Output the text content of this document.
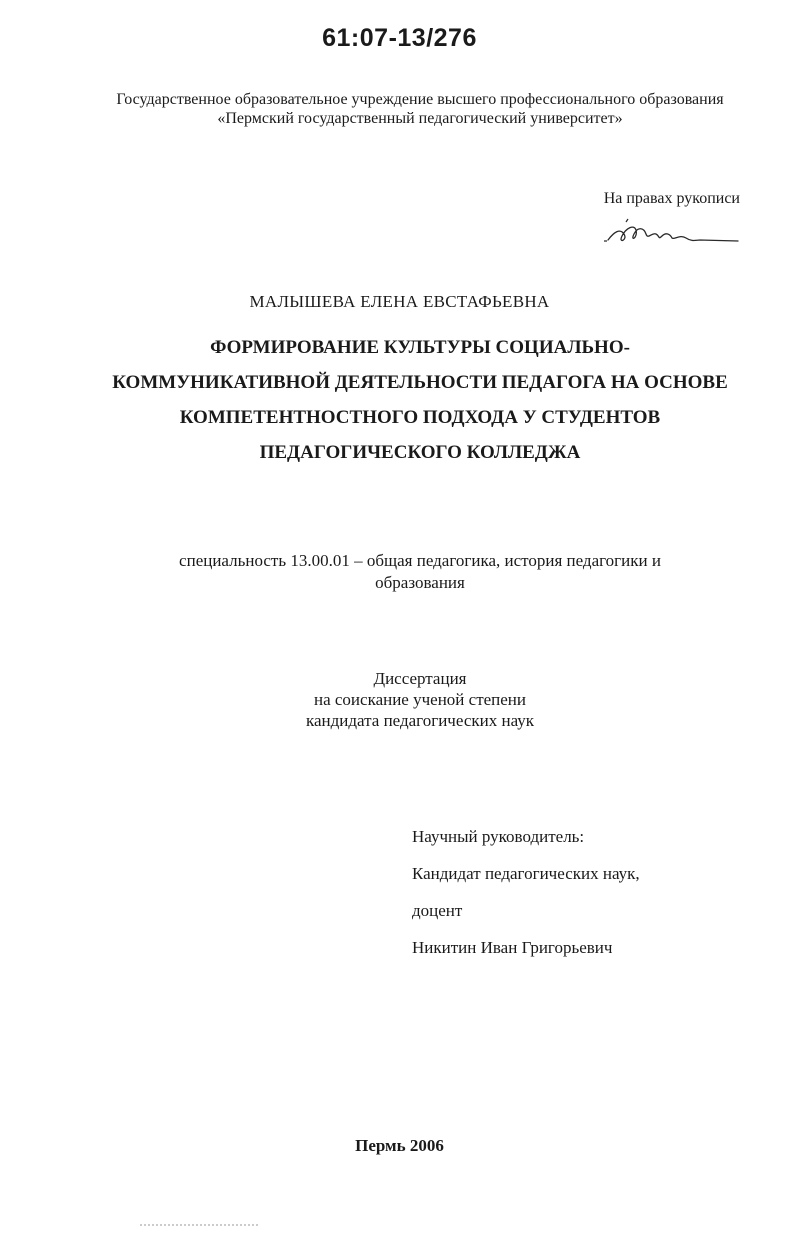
61:07-13/276
Государственное образовательное учреждение высшего профессионального образования
«Пермский государственный педагогический университет»
На правах рукописи
МАЛЫШЕВА ЕЛЕНА ЕВСТАФЬЕВНА
ФОРМИРОВАНИЕ КУЛЬТУРЫ СОЦИАЛЬНО-
КОММУНИКАТИВНОЙ ДЕЯТЕЛЬНОСТИ ПЕДАГОГА НА ОСНОВЕ
КОМПЕТЕНТНОСТНОГО ПОДХОДА У СТУДЕНТОВ
ПЕДАГОГИЧЕСКОГО КОЛЛЕДЖА
специальность 13.00.01 – общая педагогика, история педагогики и
образования
Диссертация
на соискание ученой степени
кандидата педагогических наук
Научный руководитель:
Кандидат педагогических наук,
доцент
Никитин Иван Григорьевич
Пермь 2006
